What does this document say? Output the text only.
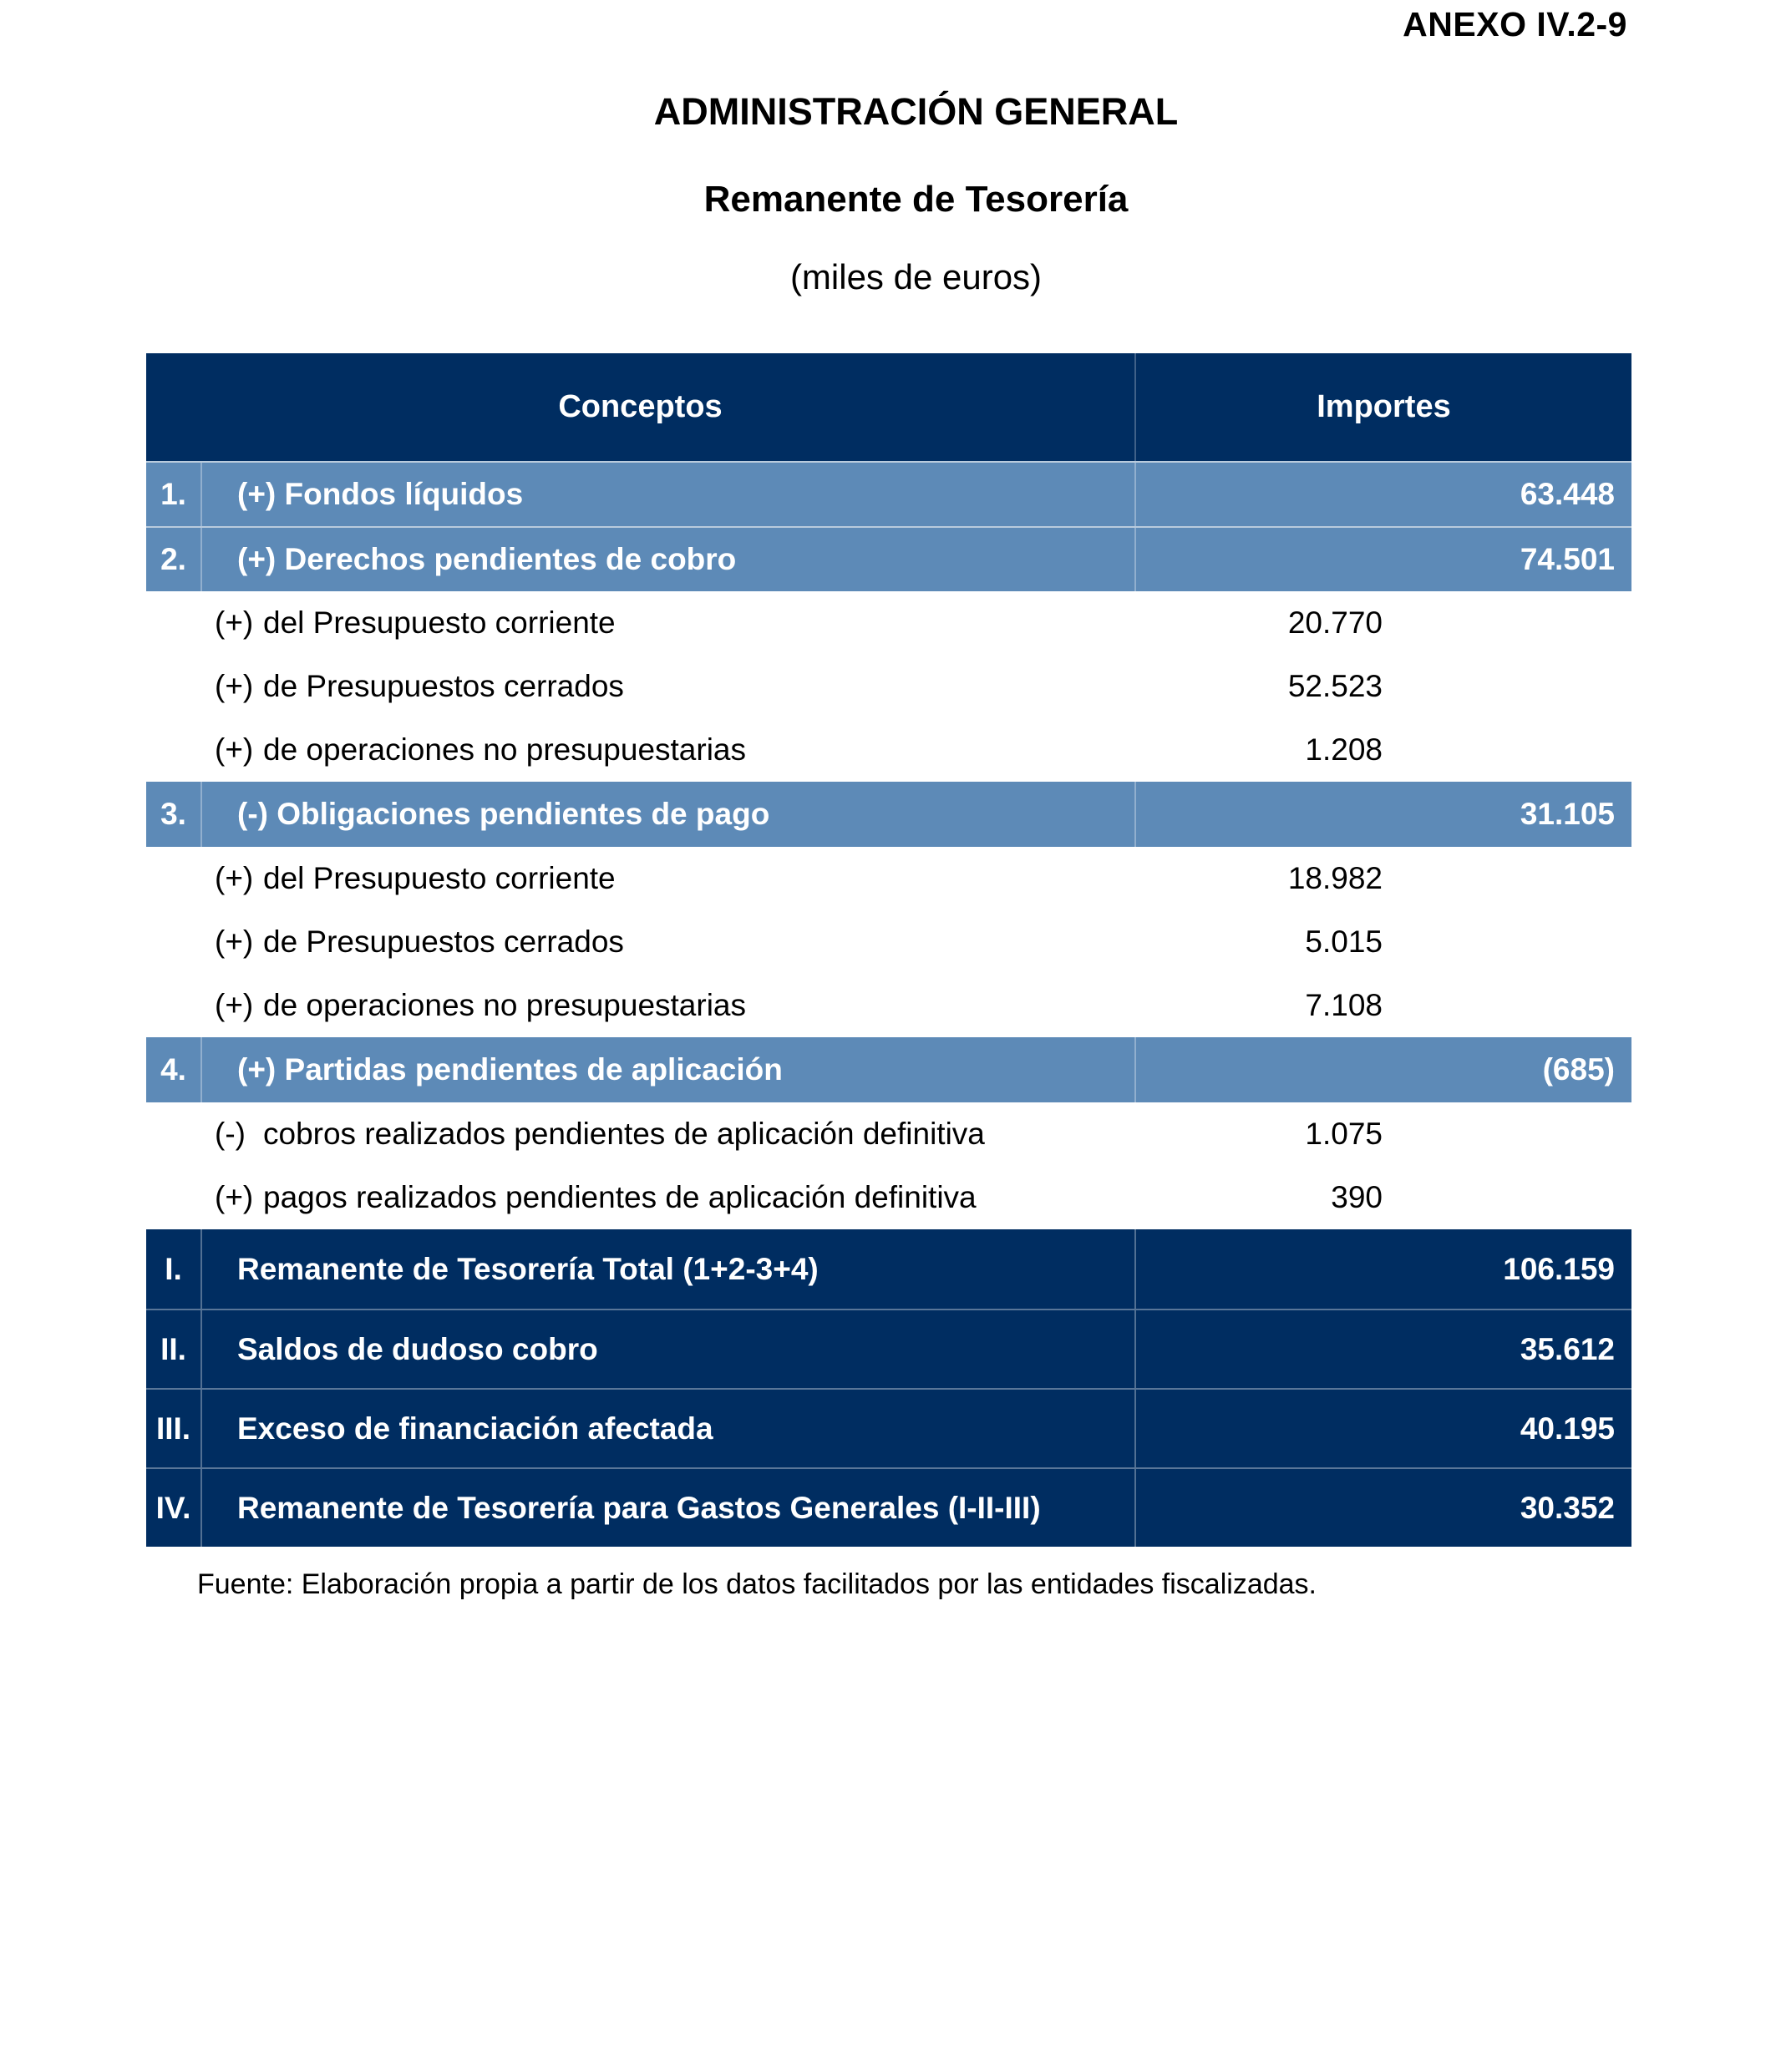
ANEXO IV.2-9
ADMINISTRACIÓN GENERAL
Remanente de Tesorería
(miles de euros)
Conceptos	Importes
1.	(+) Fondos líquidos	63.448
2.	(+) Derechos pendientes de cobro	74.501
(+) del Presupuesto corriente	20.770
(+) de Presupuestos cerrados	52.523
(+) de operaciones no presupuestarias	1.208
3.	(-) Obligaciones pendientes de pago	31.105
(+) del Presupuesto corriente	18.982
(+) de Presupuestos cerrados	5.015
(+) de operaciones no presupuestarias	7.108
4.	(+) Partidas pendientes de aplicación	(685)
(-) cobros realizados pendientes de aplicación definitiva	1.075
(+) pagos realizados pendientes de aplicación definitiva	390
I.	Remanente de Tesorería Total (1+2-3+4)	106.159
II.	Saldos de dudoso cobro	35.612
III.	Exceso de financiación afectada	40.195
IV.	Remanente de Tesorería para Gastos Generales (I-II-III)	30.352
Fuente: Elaboración propia a partir de los datos facilitados por las entidades fiscalizadas.
